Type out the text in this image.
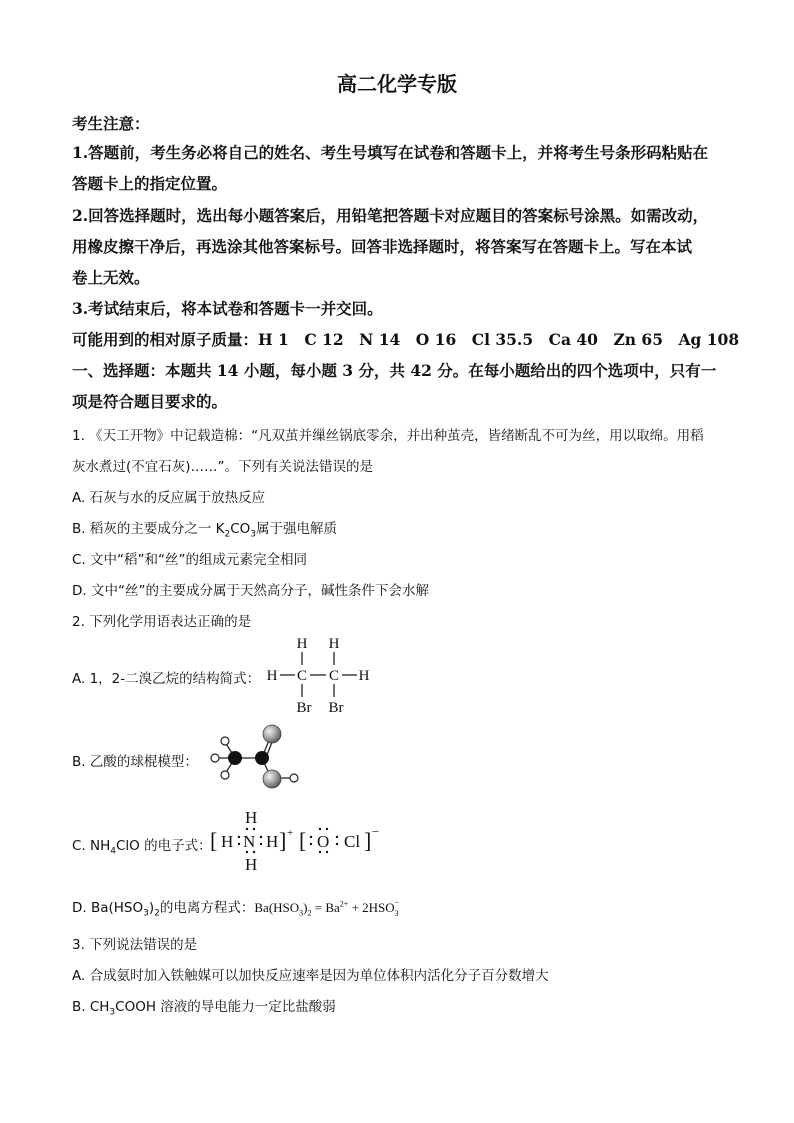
高二化学专版
考生注意：
1.答题前，考生务必将自己的姓名、考生号填写在试卷和答题卡上，并将考生号条形码粘贴在
答题卡上的指定位置。
2.回答选择题时，选出每小题答案后，用铅笔把答题卡对应题目的答案标号涂黑。如需改动，
用橡皮擦干净后，再选涂其他答案标号。回答非选择题时，将答案写在答题卡上。写在本试
卷上无效。
3.考试结束后，将本试卷和答题卡一并交回。
可能用到的相对原子质量：H 1　C 12　N 14　O 16　Cl 35.5　Ca 40　Zn 65　Ag 108
一、选择题：本题共 14 小题，每小题 3 分，共 42 分。在每小题给出的四个选项中，只有一
项是符合题目要求的。
1. 《天工开物》中记载造棉：“凡双茧并缫丝锅底零余，并出种茧壳，皆绪断乱不可为丝，用以取绵。用稻
灰水煮过(不宜石灰)……”。下列有关说法错误的是
A. 石灰与水的反应属于放热反应
B. 稻灰的主要成分之一 $K_2CO_3$属于强电解质
C. 文中“稻”和“丝”的组成元素完全相同
D. 文中“丝”的主要成分属于天然高分子，碱性条件下会水解
2. 下列化学用语表达正确的是
A. 1，2-二溴乙烷的结构简式：
H H
H C C H
Br Br
B. 乙酸的球棍模型：
C. $NH_4ClO$ 的电子式：
[ H N H
H
H
] + [ O Cl ] −
D. $Ba(HSO_3)_2$的电离方程式：$Ba(HSO_3)_2 = Ba^{2+} + 2HSO$ −
3
3. 下列说法错误的是
A. 合成氨时加入铁触媒可以加快反应速率是因为单位体积内活化分子百分数增大
B. $CH_3COOH$ 溶液的导电能力一定比盐酸弱
